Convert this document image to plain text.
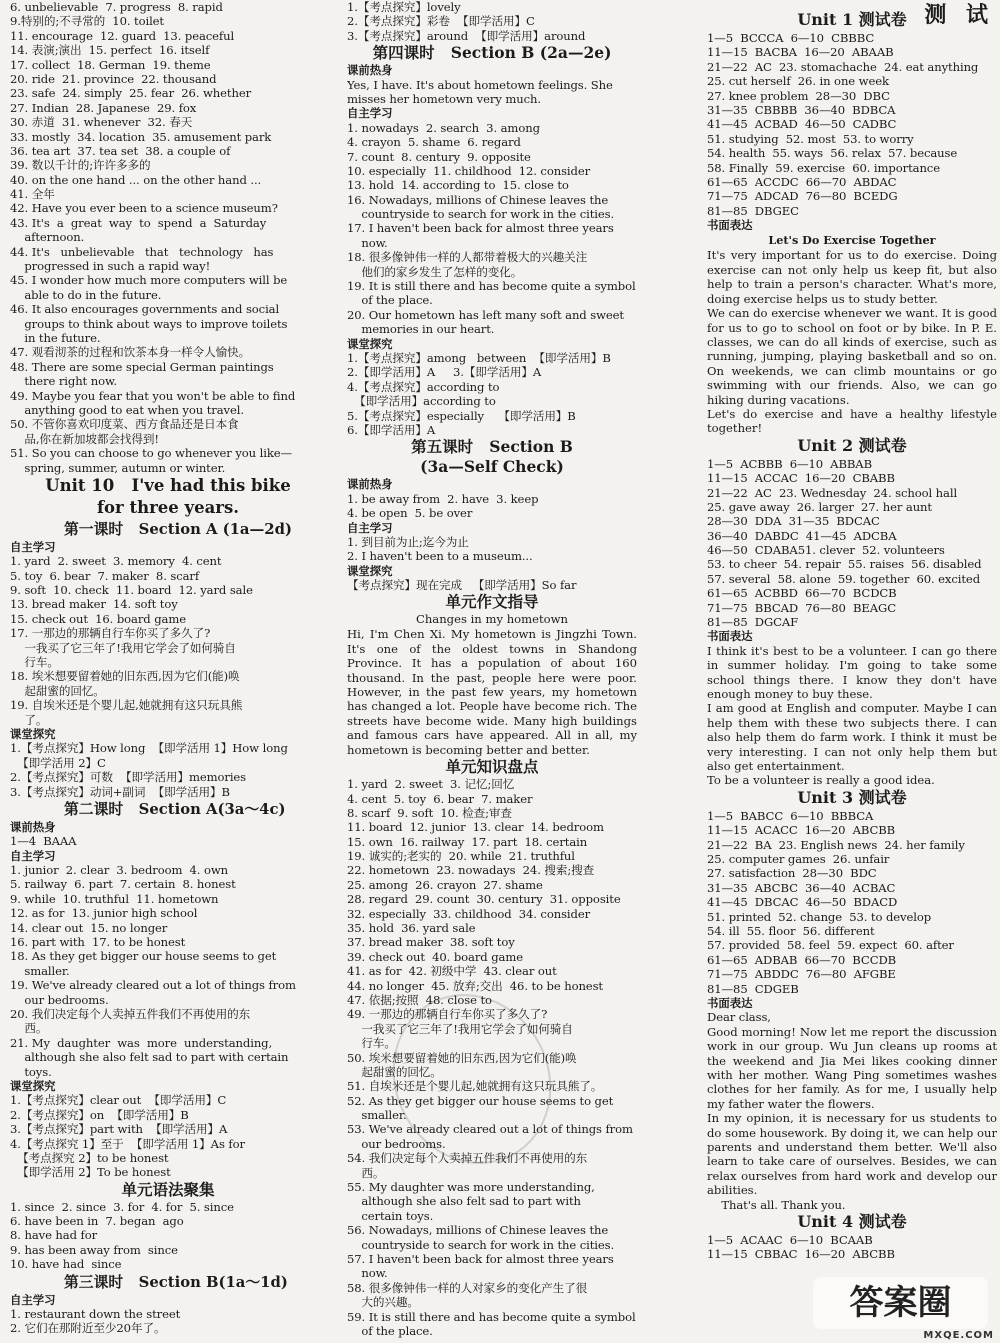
测 试
6. unbelievable  7. progress  8. rapid
9.特别的;不寻常的  10. toilet
11. encourage  12. guard  13. peaceful
14. 表演;演出  15. perfect  16. itself
17. collect  18. German  19. theme
20. ride  21. province  22. thousand
23. safe  24. simply  25. fear  26. whether
27. Indian  28. Japanese  29. fox
30. 赤道  31. whenever  32. 春天
33. mostly  34. location  35. amusement park
36. tea art  37. tea set  38. a couple of
39. 数以千计的;许许多多的
40. on the one hand ... on the other hand ...
41. 全年
42. Have you ever been to a science museum?
43. It's  a  great  way  to  spend  a  Saturday
afternoon.
44. It's   unbelievable   that   technology   has
progressed in such a rapid way!
45. I wonder how much more computers will be
able to do in the future.
46. It also encourages governments and social
groups to think about ways to improve toilets
in the future.
47. 观看沏茶的过程和饮茶本身一样令人愉快。
48. There are some special German paintings
there right now.
49. Maybe you fear that you won't be able to find
anything good to eat when you travel.
50. 不管你喜欢印度菜、西方食品还是日本食
品,你在新加坡都会找得到!
51. So you can choose to go whenever you like—
spring, summer, autumn or winter.
Unit 10   I've had this bike
for three years.
第一课时   Section A (1a—2d)
自主学习
1. yard  2. sweet  3. memory  4. cent
5. toy  6. bear  7. maker  8. scarf
9. soft  10. check  11. board  12. yard sale
13. bread maker  14. soft toy
15. check out  16. board game
17. 一那边的那辆自行车你买了多久了?
一我买了它三年了!我用它学会了如何骑自
行车。
18. 埃米想要留着她的旧东西,因为它们(能)唤
起甜蜜的回忆。
19. 自埃米还是个婴儿起,她就拥有这只玩具熊
了。
课堂探究
1.【考点探究】How long  【即学活用 1】How long
【即学活用 2】C
2.【考点探究】可数  【即学活用】memories
3.【考点探究】动词+副词  【即学活用】B
第二课时   Section A(3a～4c)
课前热身
1—4  BAAA
自主学习
1. junior  2. clear  3. bedroom  4. own
5. railway  6. part  7. certain  8. honest
9. while  10. truthful  11. hometown
12. as for  13. junior high school
14. clear out  15. no longer
16. part with  17. to be honest
18. As they get bigger our house seems to get
smaller.
19. We've already cleared out a lot of things from
our bedrooms.
20. 我们决定每个人卖掉五件我们不再使用的东
西。
21. My  daughter  was  more  understanding,
although she also felt sad to part with certain
toys.
课堂探究
1.【考点探究】clear out  【即学活用】C
2.【考点探究】on  【即学活用】B
3.【考点探究】part with  【即学活用】A
4.【考点探究 1】至于  【即学活用 1】As for
【考点探究 2】to be honest
【即学活用 2】To be honest
单元语法聚集
1. since  2. since  3. for  4. for  5. since
6. have been in  7. began  ago
8. have had for
9. has been away from  since
10. have had  since
第三课时   Section B(1a～1d)
自主学习
1. restaurant down the street
2. 它们在那附近至少20年了。
1.【考点探究】lovely
2.【考点探究】彩卷  【即学活用】C
3.【考点探究】around  【即学活用】around
第四课时   Section B (2a—2e)
课前热身
Yes, I have. It's about hometown feelings. She
misses her hometown very much.
自主学习
1. nowadays  2. search  3. among
4. crayon  5. shame  6. regard
7. count  8. century  9. opposite
10. especially  11. childhood  12. consider
13. hold  14. according to  15. close to
16. Nowadays, millions of Chinese leaves the
countryside to search for work in the cities.
17. I haven't been back for almost three years
now.
18. 很多像钟伟一样的人都带着极大的兴趣关注
他们的家乡发生了怎样的变化。
19. It is still there and has become quite a symbol
of the place.
20. Our hometown has left many soft and sweet
memories in our heart.
课堂探究
1.【考点探究】among   between  【即学活用】B
2.【即学活用】A     3.【即学活用】A
4.【考点探究】according to
【即学活用】according to
5.【考点探究】especially    【即学活用】B
6.【即学活用】A
第五课时   Section B
(3a—Self Check)
课前热身
1. be away from  2. have  3. keep
4. be open  5. be over
自主学习
1. 到目前为止;迄今为止
2. I haven't been to a museum...
课堂探究
【考点探究】现在完成   【即学活用】So far
单元作文指导
Changes in my hometown
Hi, I'm Chen Xi. My hometown is Jingzhi Town. It's one of the oldest towns in Shandong Province. It has a population of about 160 thousand. In the past, people here were poor. However, in the past few years, my hometown has changed a lot. People have become rich. The streets have become wide. Many high buildings and famous cars have appeared. All in all, my hometown is becoming better and better.
单元知识盘点
1. yard  2. sweet  3. 记忆;回忆
4. cent  5. toy  6. bear  7. maker
8. scarf  9. soft  10. 检查;审查
11. board  12. junior  13. clear  14. bedroom
15. own  16. railway  17. part  18. certain
19. 诚实的;老实的  20. while  21. truthful
22. hometown  23. nowadays  24. 搜索;搜查
25. among  26. crayon  27. shame
28. regard  29. count  30. century  31. opposite
32. especially  33. childhood  34. consider
35. hold  36. yard sale
37. bread maker  38. soft toy
39. check out  40. board game
41. as for  42. 初级中学  43. clear out
44. no longer  45. 放弃;交出  46. to be honest
47. 依据;按照  48. close to
49. 一那边的那辆自行车你买了多久了?
一我买了它三年了!我用它学会了如何骑自
行车。
50. 埃米想要留着她的旧东西,因为它们(能)唤
起甜蜜的回忆。
51. 自埃米还是个婴儿起,她就拥有这只玩具熊了。
52. As they get bigger our house seems to get
smaller.
53. We've already cleared out a lot of things from
our bedrooms.
54. 我们决定每个人卖掉五件我们不再使用的东
西。
55. My daughter was more understanding,
although she also felt sad to part with
certain toys.
56. Nowadays, millions of Chinese leaves the
countryside to search for work in the cities.
57. I haven't been back for almost three years
now.
58. 很多像钟伟一样的人对家乡的变化产生了很
大的兴趣。
59. It is still there and has become quite a symbol
of the place.
Unit 1 测试卷
1—5  BCCCA  6—10  CBBBC
11—15  BACBA  16—20  ABAAB
21—22  AC  23. stomachache  24. eat anything
25. cut herself  26. in one week
27. knee problem  28—30  DBC
31—35  CBBBB  36—40  BDBCA
41—45  ACBAD  46—50  CADBC
51. studying  52. most  53. to worry
54. health  55. ways  56. relax  57. because
58. Finally  59. exercise  60. importance
61—65  ACCDC  66—70  ABDAC
71—75  ADCAD  76—80  BCEDG
81—85  DBGEC
书面表达
Let's Do Exercise Together
It's very important for us to do exercise. Doing exercise can not only help us keep fit, but also help to train a person's character. What's more, doing exercise helps us to study better.
We can do exercise whenever we want. It is good for us to go to school on foot or by bike. In P. E. classes, we can do all kinds of exercise, such as running, jumping, playing basketball and so on. On weekends, we can climb mountains or go swimming with our friends. Also, we can go hiking during vacations.
Let's do exercise and have a healthy lifestyle together!
Unit 2 测试卷
1—5  ACBBB  6—10  ABBAB
11—15  ACCAC  16—20  CBABB
21—22  AC  23. Wednesday  24. school hall
25. gave away  26. larger  27. her aunt
28—30  DDA  31—35  BDCAC
36—40  DABDC  41—45  ADCBA
46—50  CDABA51. clever  52. volunteers
53. to cheer  54. repair  55. raises  56. disabled
57. several  58. alone  59. together  60. excited
61—65  ACBBD  66—70  BCDCB
71—75  BBCAD  76—80  BEAGC
81—85  DGCAF
书面表达
I think it's best to be a volunteer. I can go there in summer holiday. I'm going to take some school things there. I know they don't have enough money to buy these.
I am good at English and computer. Maybe I can help them with these two subjects there. I can also help them do farm work. I think it must be very interesting. I can not only help them but also get entertainment.
To be a volunteer is really a good idea.
Unit 3 测试卷
1—5  BABCC  6—10  BBBCA
11—15  ACACC  16—20  ABCBB
21—22  BA  23. English news  24. her family
25. computer games  26. unfair
27. satisfaction  28—30  BDC
31—35  ABCBC  36—40  ACBAC
41—45  DBCAC  46—50  BDACD
51. printed  52. change  53. to develop
54. ill  55. floor  56. different
57. provided  58. feel  59. expect  60. after
61—65  ADBAB  66—70  BCCDB
71—75  ABDDC  76—80  AFGBE
81—85  CDGEB
书面表达
Dear class,
Good morning! Now let me report the discussion work in our group. Wu Jun cleans up rooms at the weekend and Jia Mei likes cooking dinner with her mother. Wang Ping sometimes washes clothes for her family. As for me, I usually help my father water the flowers.
In my opinion, it is necessary for us students to do some housework. By doing it, we can help our parents and understand them better. We'll also learn to take care of ourselves. Besides, we can relax ourselves from hard work and develop our abilities.
That's all. Thank you.
Unit 4 测试卷
1—5  ACAAC  6—10  BCAAB
11—15  CBBAC  16—20  ABCBB
答案圈
MXQE.COM
